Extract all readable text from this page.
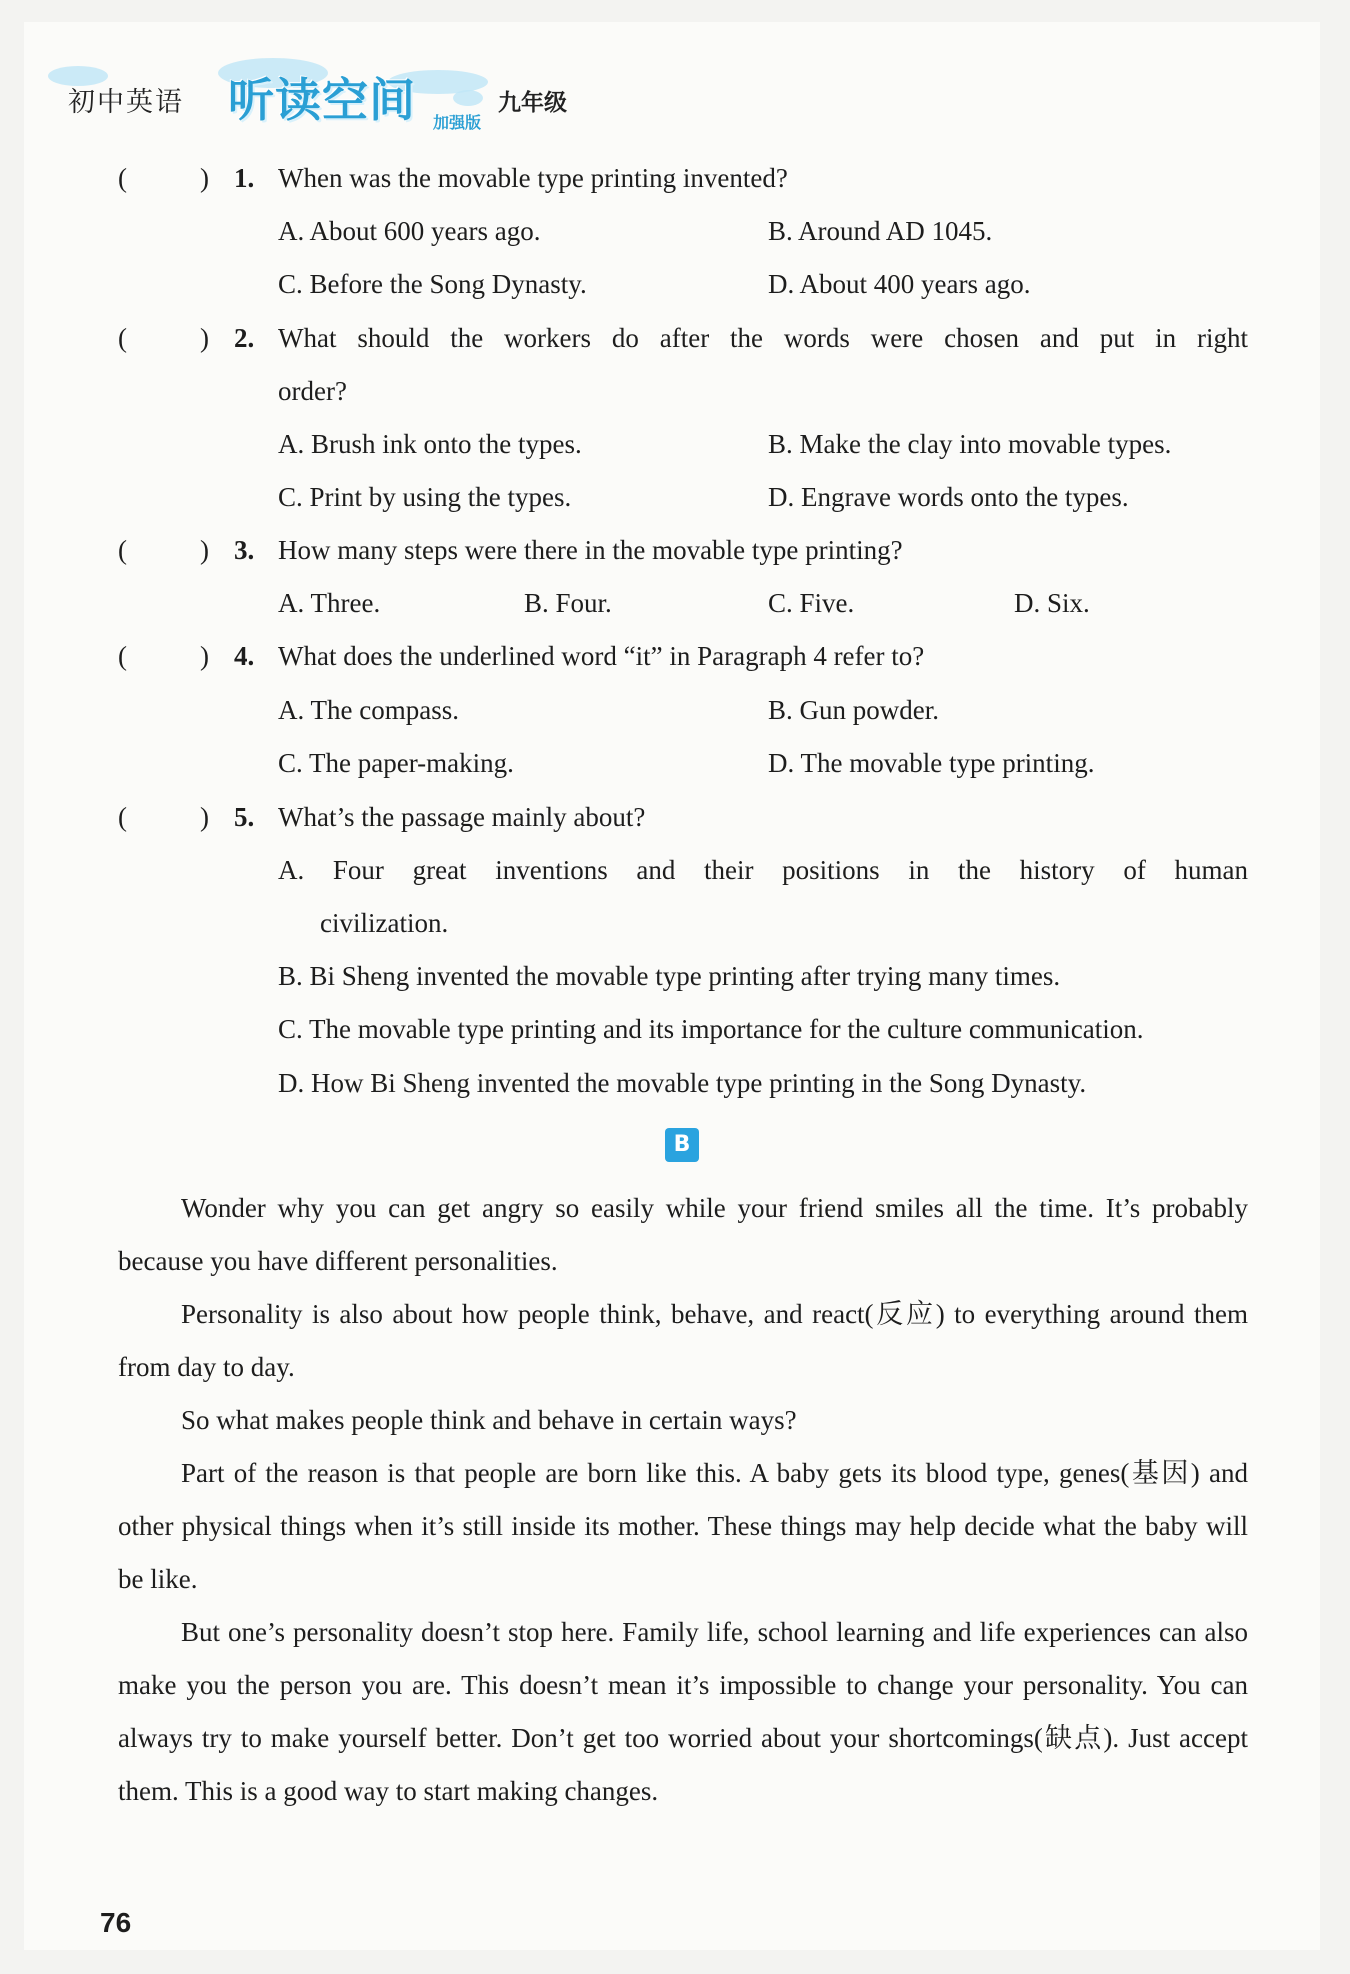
初中英语 听读空间 加强版
九年级
(	) 1. When was the movable type printing invented?
A. About 600 years ago.	B. Around AD 1045.
C. Before the Song Dynasty.	D. About 400 years ago.
(	) 2. What should the workers do after the words were chosen and put in right
order?
A. Brush ink onto the types.	B. Make the clay into movable types.
C. Print by using the types.	D. Engrave words onto the types.
(	) 3. How many steps were there in the movable type printing?
A. Three.	B. Four.	C. Five.	D. Six.
(	) 4. What does the underlined word “it” in Paragraph 4 refer to?
A. The compass.	B. Gun powder.
C. The paper-making.	D. The movable type printing.
(	) 5. What’s the passage mainly about?
A. Four great inventions and their positions in the history of human
civilization.
B. Bi Sheng invented the movable type printing after trying many times.
C. The movable type printing and its importance for the culture communication.
D. How Bi Sheng invented the movable type printing in the Song Dynasty.
B

Wonder why you can get angry so easily while your friend smiles all the time. It’s probably because you have different personalities.

Personality is also about how people think, behave, and react(反应) to everything around them from day to day.

So what makes people think and behave in certain ways?

Part of the reason is that people are born like this. A baby gets its blood type, genes(基因) and other physical things when it’s still inside its mother. These things may help decide what the baby will be like.

But one’s personality doesn’t stop here. Family life, school learning and life experiences can also make you the person you are. This doesn’t mean it’s impossible to change your personality. You can always try to make yourself better. Don’t get too worried about your shortcomings(缺点). Just accept them. This is a good way to start making changes.

76
